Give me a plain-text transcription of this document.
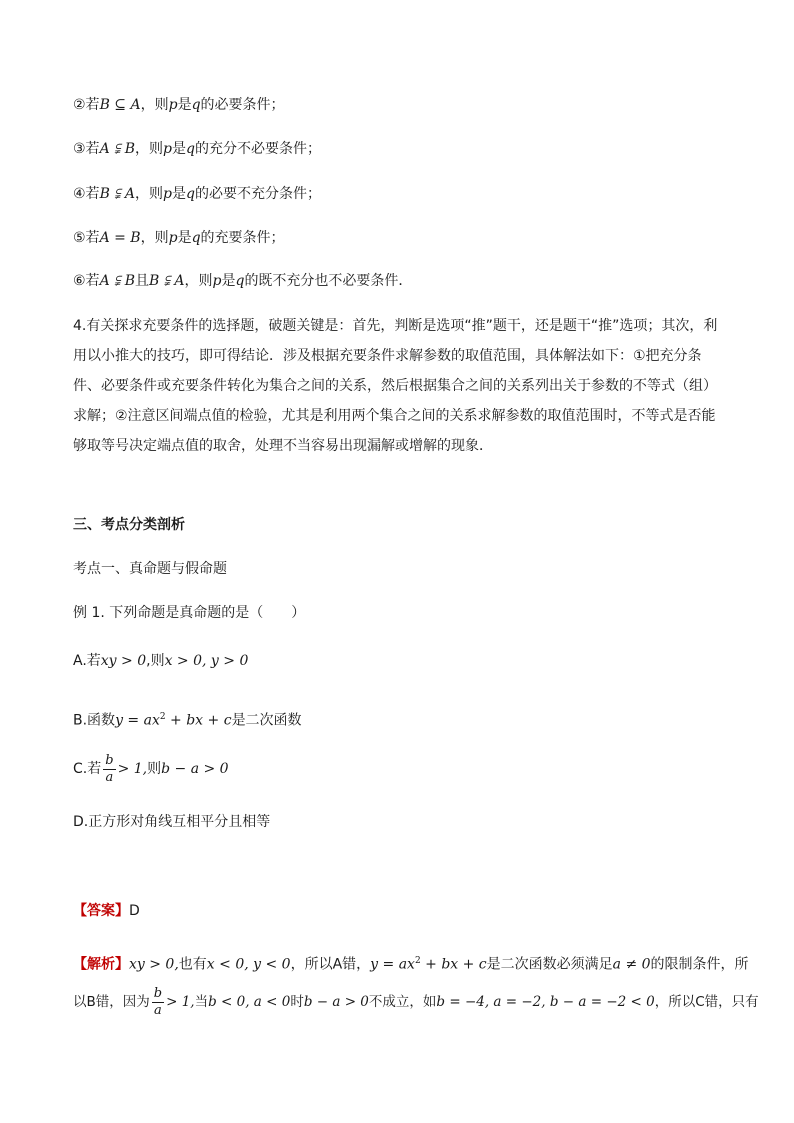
②若B ⊆ A，则p是q的必要条件；
③若A ⫋ B，则p是q的充分不必要条件；
④若B ⫋ A，则p是q的必要不充分条件；
⑤若A = B，则p是q的充要条件；
⑥若A ⫋ B且B ⫋ A，则p是q的既不充分也不必要条件．
4.有关探求充要条件的选择题，破题关键是：首先，判断是选项“推”题干，还是题干“推”选项；其次，利用以小推大的技巧，即可得结论．涉及根据充要条件求解参数的取值范围，具体解法如下：①把充分条件、必要条件或充要条件转化为集合之间的关系，然后根据集合之间的关系列出关于参数的不等式（组）求解；②注意区间端点值的检验，尤其是利用两个集合之间的关系求解参数的取值范围时，不等式是否能够取等号决定端点值的取舍，处理不当容易出现漏解或增解的现象．
三、考点分类剖析
考点一、真命题与假命题
例 1. 下列命题是真命题的是（　　）
A.若xy > 0,则x > 0, y > 0
B.函数$y = ax^2$ + bx + c是二次函数
C.若 $\frac{b}{a} > 1$,则b − a > 0
D.正方形对角线互相平分且相等
【答案】D
【解析】xy > 0,也有x < 0, y < 0，所以A错，$y = ax^2$ + bx + c是二次函数必须满足a ≠ 0的限制条件，所
以B错，因为 $\frac{b}{a} > 1$,当b < 0, a < 0时b − a > 0不成立，如b = −4, a = −2, b − a = −2 < 0，所以C错，只有
